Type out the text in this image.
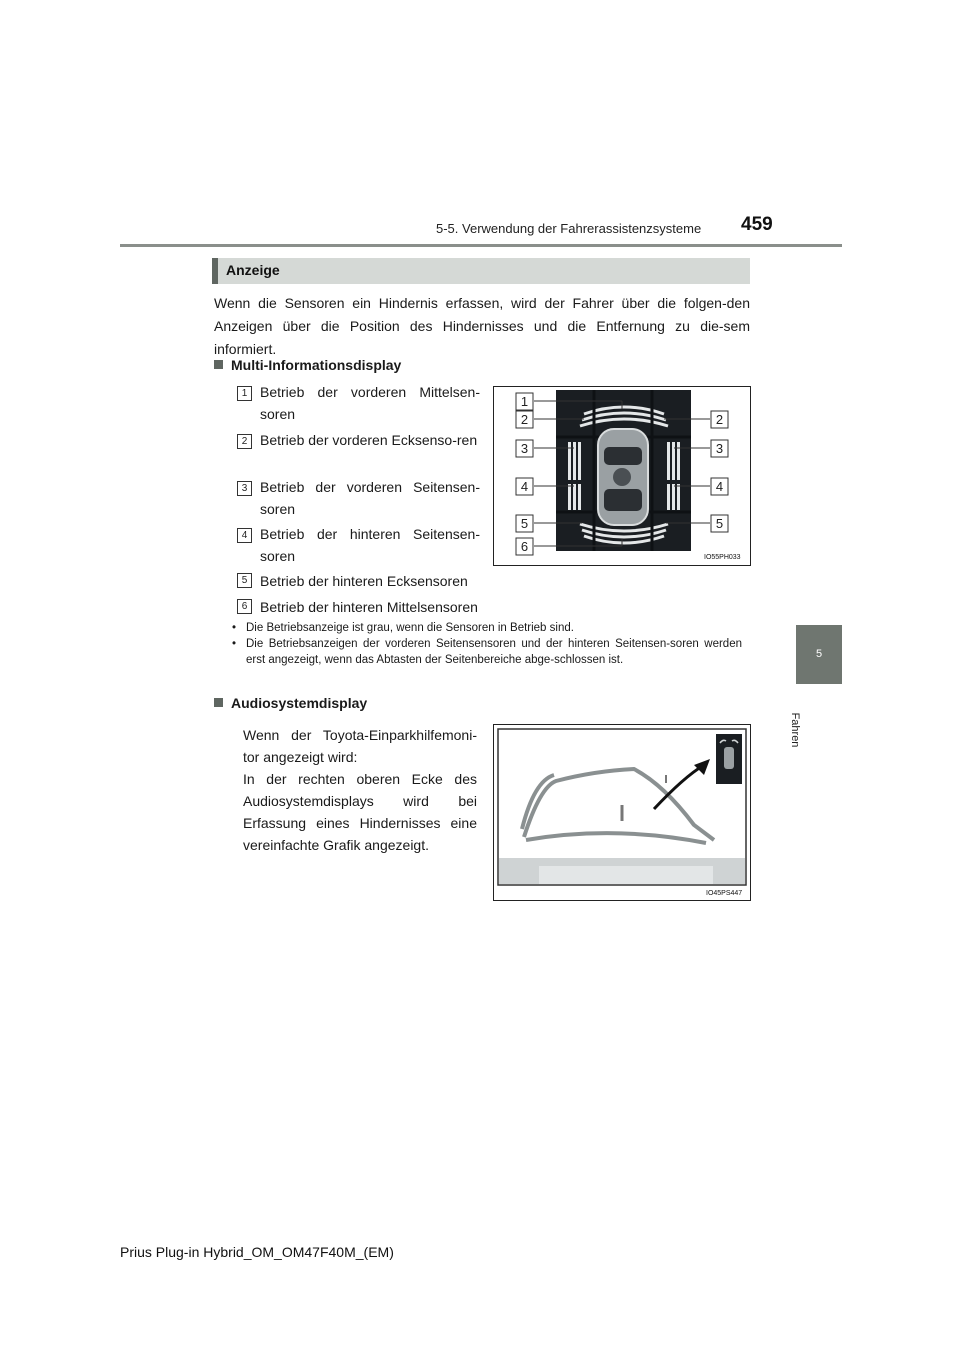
5-5. Verwendung der Fahrerassistenzsysteme 459
5
Fahren
Anzeige
Wenn die Sensoren ein Hindernis erfassen, wird der Fahrer über die folgen-den Anzeigen über die Position des Hindernisses und die Entfernung zu die-sem informiert.
Multi-Informationsdisplay
1 Betrieb der vorderen Mittelsen-soren
2 Betrieb der vorderen Ecksenso-ren
3 Betrieb der vorderen Seitensen-soren
4 Betrieb der hinteren Seitensen-soren
5 Betrieb der hinteren Ecksensoren
6 Betrieb der hinteren Mittelsensoren
1
2	2
3	3
4	4
5	5
6
IO55PH033
• Die Betriebsanzeige ist grau, wenn die Sensoren in Betrieb sind.
• Die Betriebsanzeigen der vorderen Seitensensoren und der hinteren Seitensen-soren werden erst angezeigt, wenn das Abtasten der Seitenbereiche abge-schlossen ist.
Audiosystemdisplay
Wenn der Toyota-Einparkhilfemoni-tor angezeigt wird:
In der rechten oberen Ecke des Audiosystemdisplays wird bei Erfassung eines Hindernisses eine vereinfachte Grafik angezeigt.
IO45PS447
Prius Plug-in Hybrid_OM_OM47F40M_(EM)
